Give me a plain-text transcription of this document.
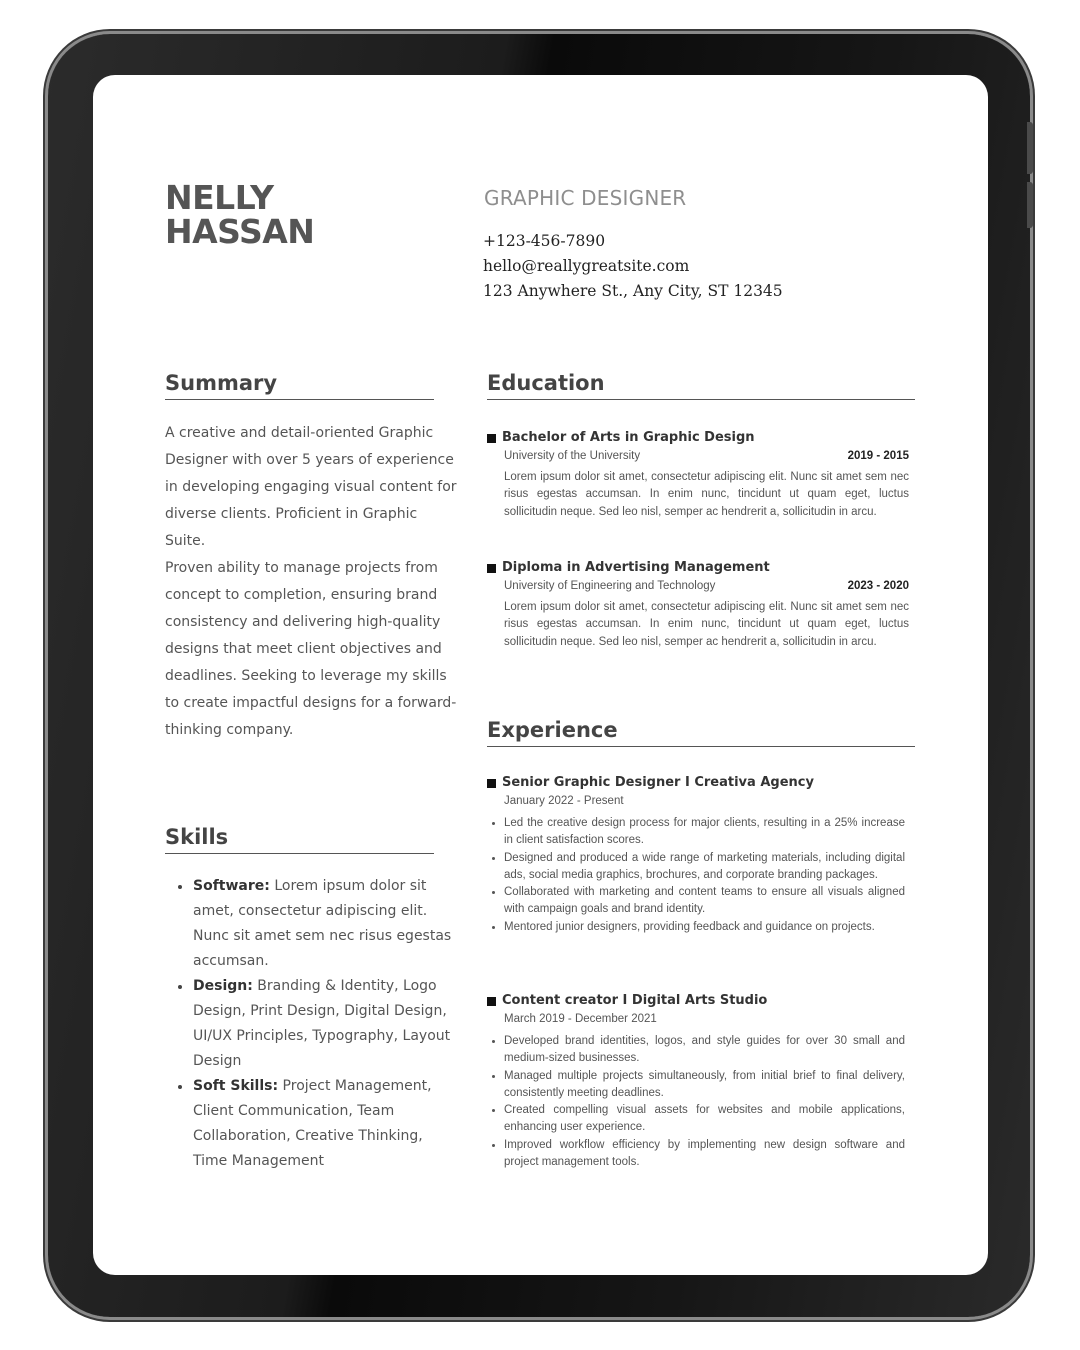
NELLY
HASSAN
GRAPHIC DESIGNER
+123-456-7890
hello@reallygreatsite.com
123 Anywhere St., Any City, ST 12345
Summary

A creative and detail-oriented Graphic Designer with over 5 years of experience in developing engaging visual content for diverse clients. Proficient in Graphic Suite.

Proven ability to manage projects from concept to completion, ensuring brand consistency and delivering high-quality designs that meet client objectives and deadlines. Seeking to leverage my skills to create impactful designs for a forward-thinking company.

Skills
Software: Lorem ipsum dolor sit amet, consectetur adipiscing elit. Nunc sit amet sem nec risus egestas accumsan.
Design: Branding & Identity, Logo Design, Print Design, Digital Design, UI/UX Principles, Typography, Layout Design
Soft Skills: Project Management, Client Communication, Team Collaboration, Creative Thinking, Time Management
Education
Bachelor of Arts in Graphic Design
University of the University	2019 - 2015
Lorem ipsum dolor sit amet, consectetur adipiscing elit. Nunc sit amet sem nec risus egestas accumsan. In enim nunc, tincidunt ut quam eget, luctus sollicitudin neque. Sed leo nisl, semper ac hendrerit a, sollicitudin in arcu.
Diploma in Advertising Management
University of Engineering and Technology	2023 - 2020
Lorem ipsum dolor sit amet, consectetur adipiscing elit. Nunc sit amet sem nec risus egestas accumsan. In enim nunc, tincidunt ut quam eget, luctus sollicitudin neque. Sed leo nisl, semper ac hendrerit a, sollicitudin in arcu.
Experience
Senior Graphic Designer I Creativa Agency
January 2022 - Present
Led the creative design process for major clients, resulting in a 25% increase in client satisfaction scores.
Designed and produced a wide range of marketing materials, including digital ads, social media graphics, brochures, and corporate branding packages.
Collaborated with marketing and content teams to ensure all visuals aligned with campaign goals and brand identity.
Mentored junior designers, providing feedback and guidance on projects.
Content creator I Digital Arts Studio
March 2019 - December 2021
Developed brand identities, logos, and style guides for over 30 small and medium-sized businesses.
Managed multiple projects simultaneously, from initial brief to final delivery, consistently meeting deadlines.
Created compelling visual assets for websites and mobile applications, enhancing user experience.
Improved workflow efficiency by implementing new design software and project management tools.
